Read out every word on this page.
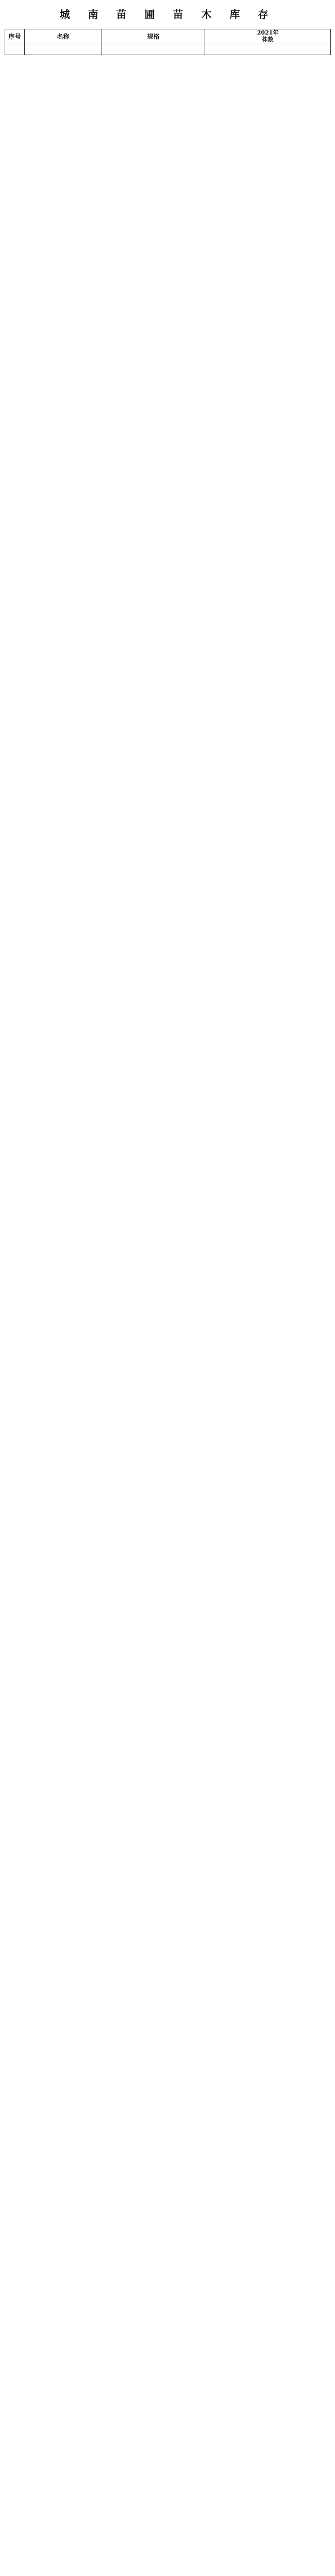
城 南 苗 圃 苗 木 库 存
序号	名称	规格	2021年
株数
